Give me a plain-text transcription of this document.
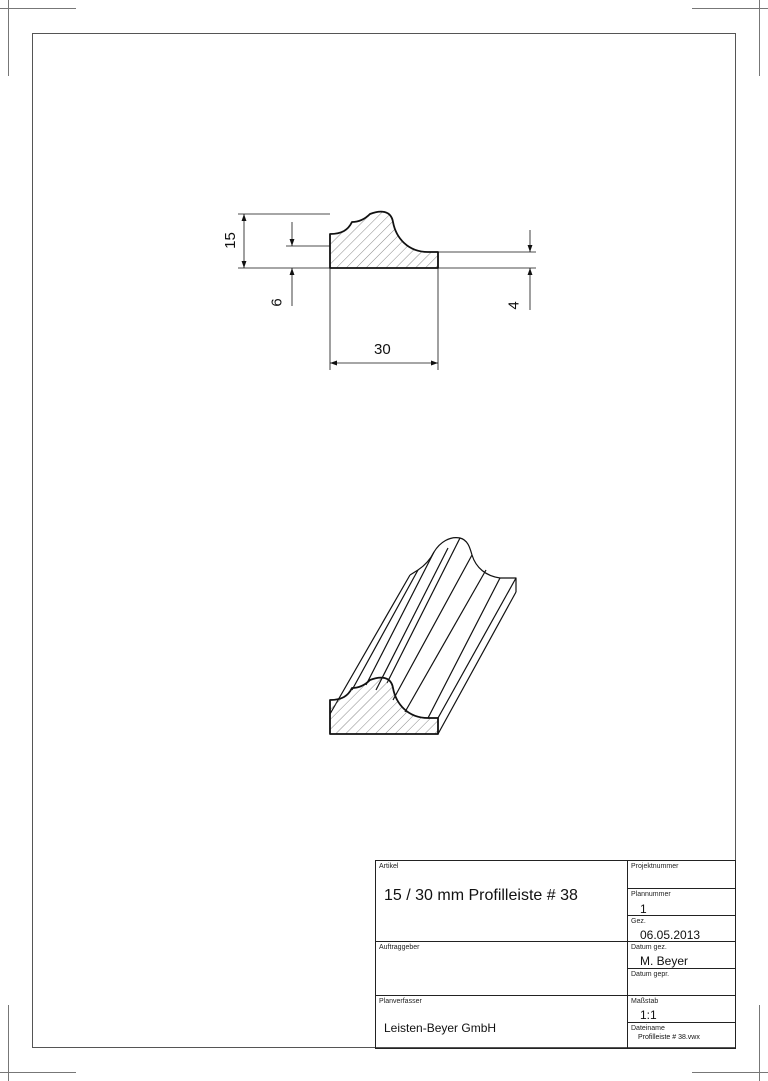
15
6	4
30
Artikel
15 / 30 mm Profilleiste # 38
Auftraggeber
Planverfasser
Leisten-Beyer GmbH
Projektnummer
Plannummer
1
Gez.
06.05.2013
Datum gez.
M. Beyer
Datum gepr.
Maßstab
1:1
Dateiname
Profilleiste # 38.vwx
